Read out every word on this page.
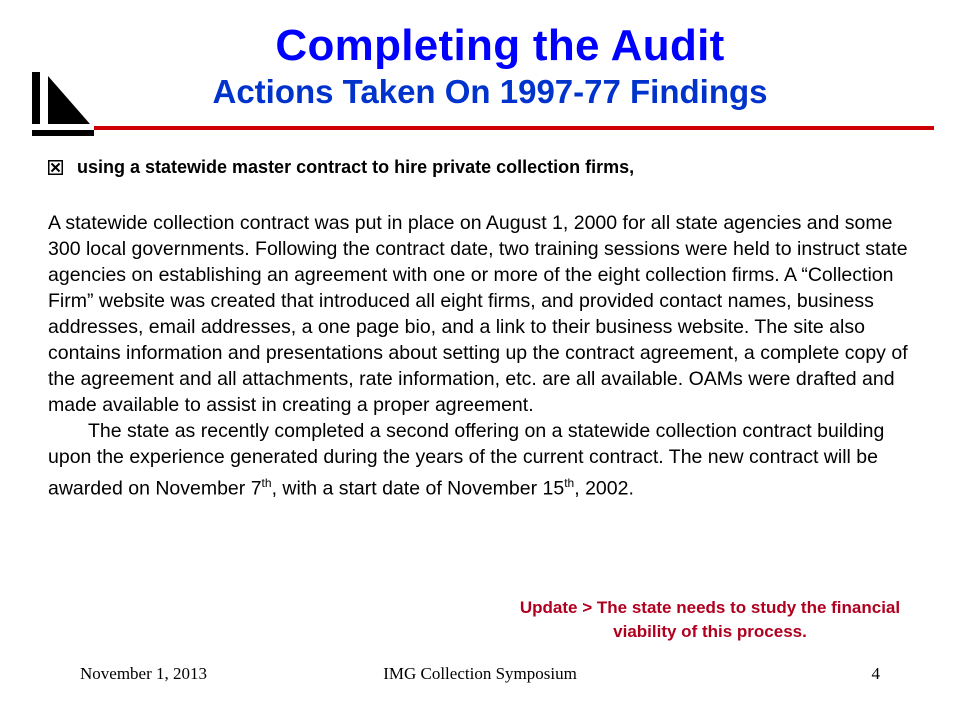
Completing the Audit
Actions Taken On 1997-77 Findings
using a statewide master contract to hire private collection firms,

A statewide collection contract was put in place on August 1, 2000 for all state agencies and some 300 local governments. Following the contract date, two training sessions were held to instruct state agencies on establishing an agreement with one or more of the eight collection firms. A “Collection Firm” website was created that introduced all eight firms, and provided contact names, business addresses, email addresses, a one page bio, and a link to their business website. The site also contains information and presentations about setting up the contract agreement, a complete copy of the agreement and all attachments, rate information, etc. are all available. OAMs were drafted and made available to assist in creating a proper agreement.

The state as recently completed a second offering on a statewide collection contract building upon the experience generated during the years of the current contract. The new contract will be awarded on November 7th, with a start date of November 15th, 2002.

Update > The state needs to study the financial viability of this process.
November 1, 2013	IMG Collection Symposium	4
